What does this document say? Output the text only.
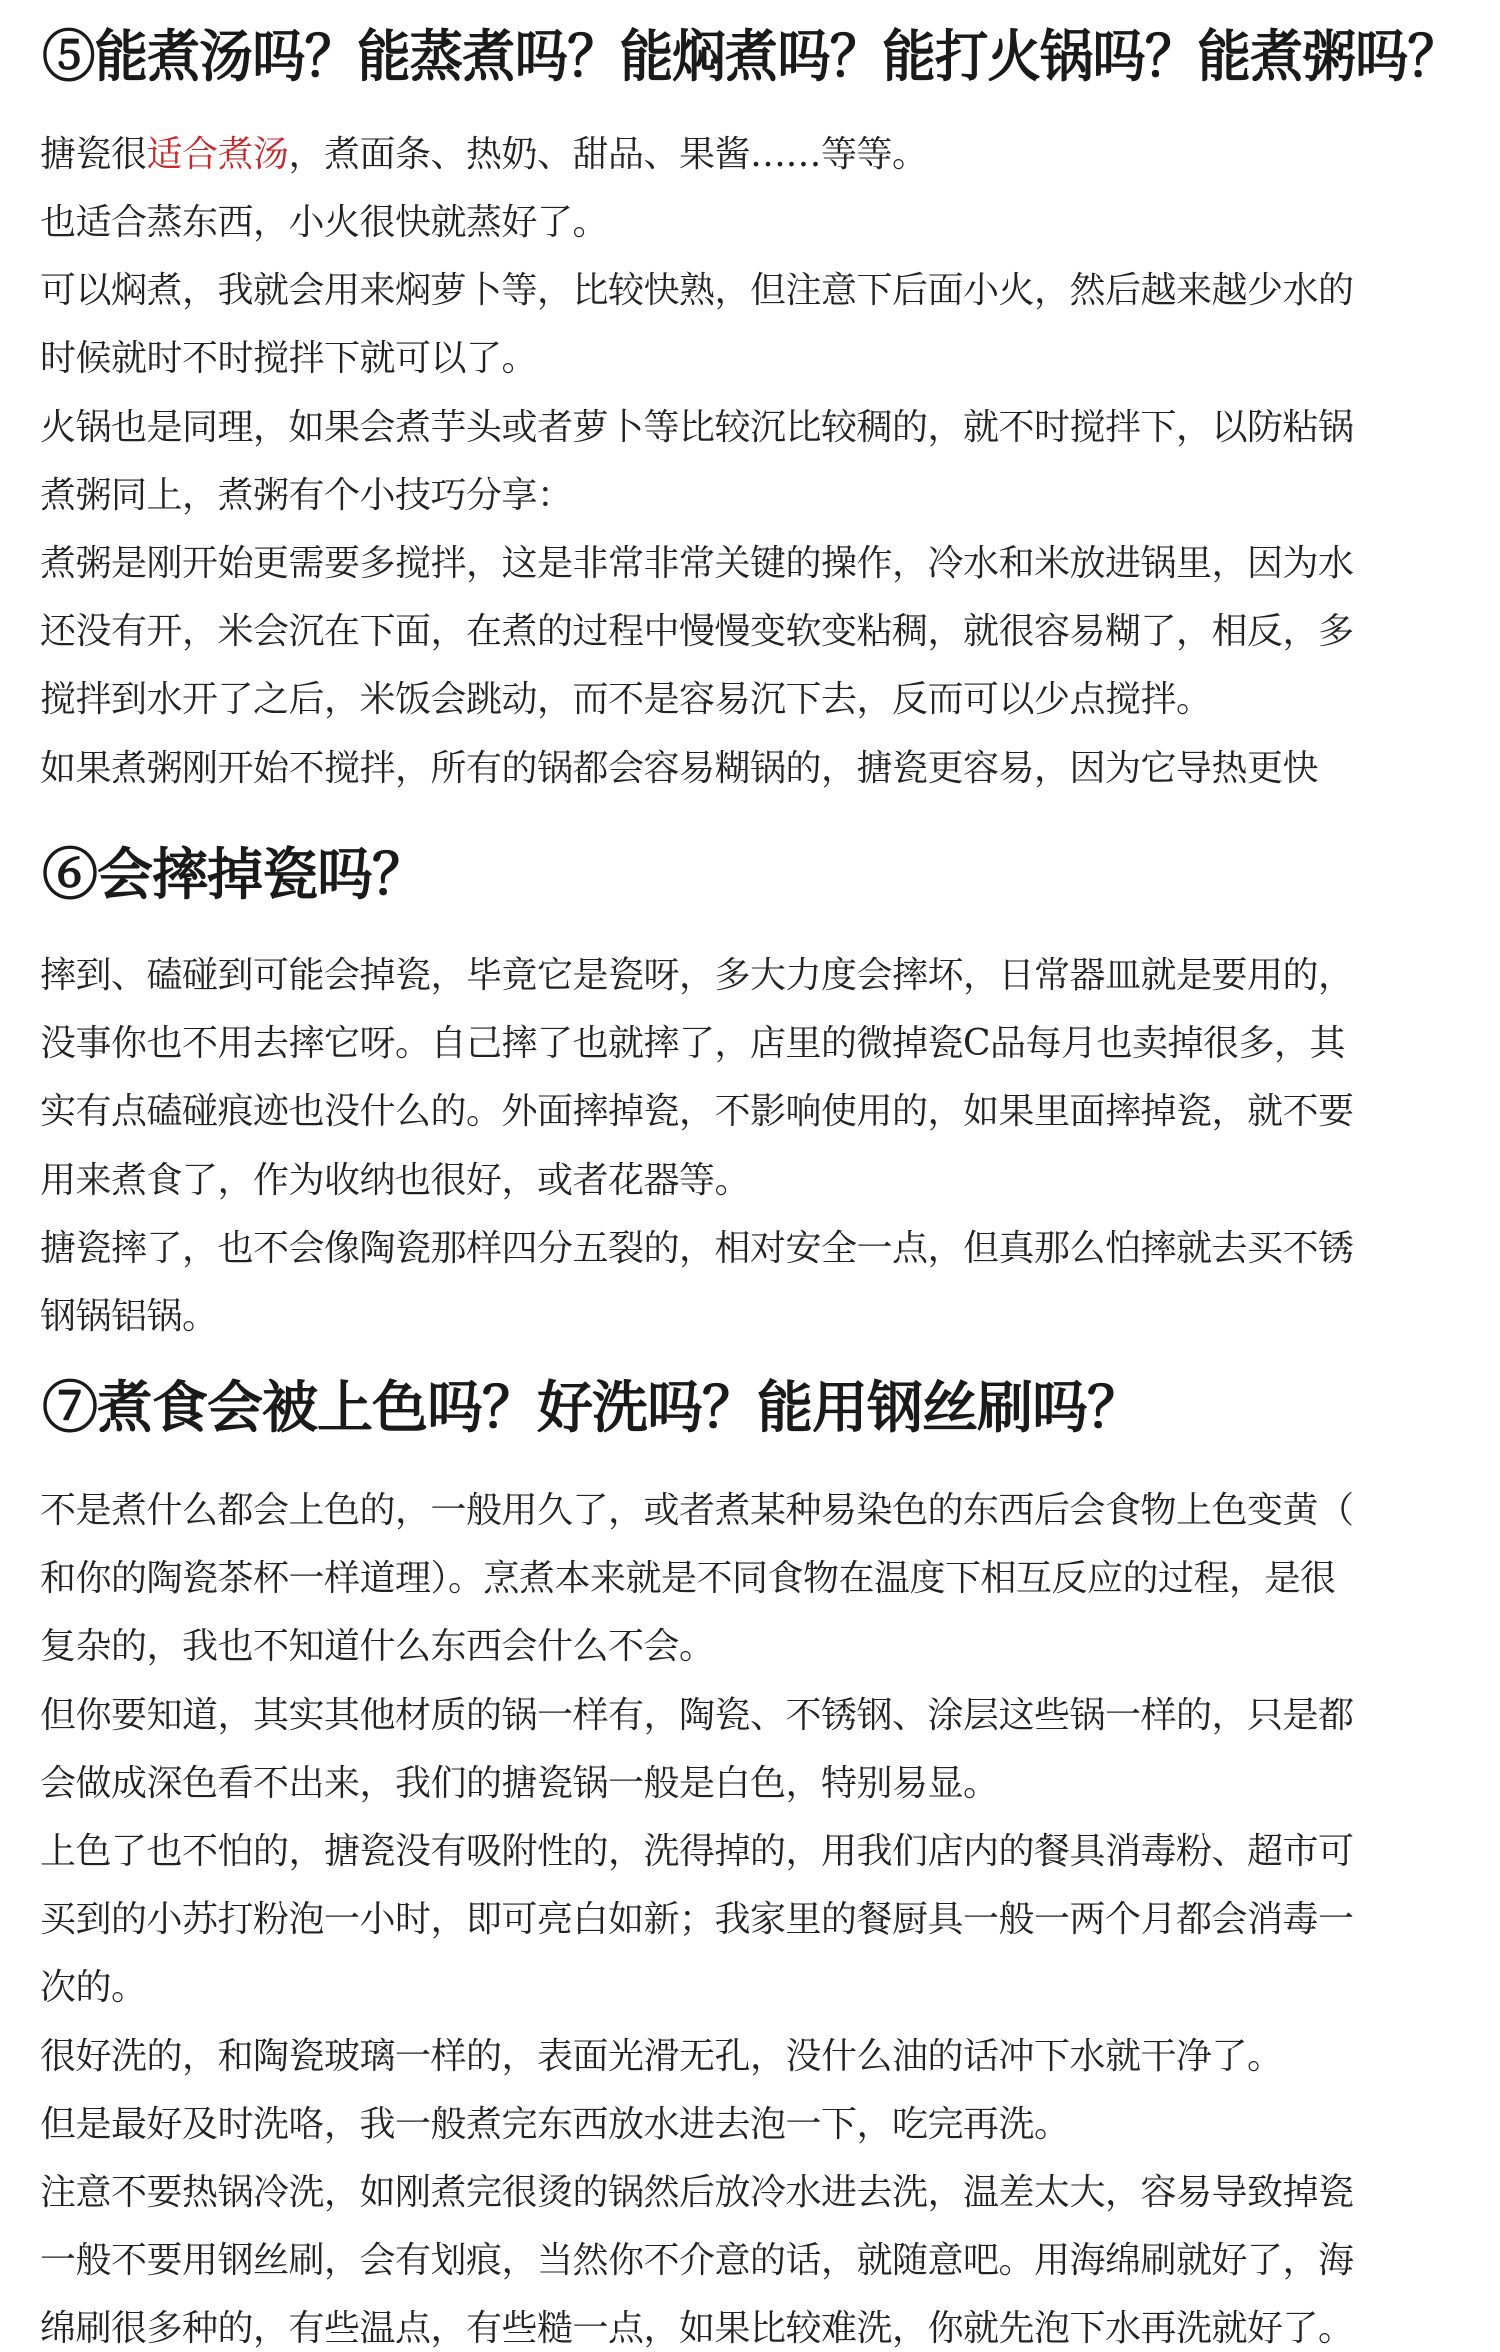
⑤能煮汤吗？能蒸煮吗？能焖煮吗？能打火锅吗？能煮粥吗？
搪瓷很适合煮汤，煮面条、热奶、甜品、果酱……等等。
也适合蒸东西，小火很快就蒸好了。
可以焖煮，我就会用来焖萝卜等，比较快熟，但注意下后面小火，然后越来越少水的
时候就时不时搅拌下就可以了。
火锅也是同理，如果会煮芋头或者萝卜等比较沉比较稠的，就不时搅拌下，以防粘锅
煮粥同上，煮粥有个小技巧分享：
煮粥是刚开始更需要多搅拌，这是非常非常关键的操作，冷水和米放进锅里，因为水
还没有开，米会沉在下面，在煮的过程中慢慢变软变粘稠，就很容易糊了，相反，多
搅拌到水开了之后，米饭会跳动，而不是容易沉下去，反而可以少点搅拌。
如果煮粥刚开始不搅拌，所有的锅都会容易糊锅的，搪瓷更容易，因为它导热更快
⑥会摔掉瓷吗？
摔到、磕碰到可能会掉瓷，毕竟它是瓷呀，多大力度会摔坏，日常器皿就是要用的，
没事你也不用去摔它呀。自己摔了也就摔了，店里的微掉瓷C品每月也卖掉很多，其
实有点磕碰痕迹也没什么的。外面摔掉瓷，不影响使用的，如果里面摔掉瓷，就不要
用来煮食了，作为收纳也很好，或者花器等。
搪瓷摔了，也不会像陶瓷那样四分五裂的，相对安全一点，但真那么怕摔就去买不锈
钢锅铝锅。
⑦煮食会被上色吗？好洗吗？能用钢丝刷吗？
不是煮什么都会上色的，一般用久了，或者煮某种易染色的东西后会食物上色变黄（
和你的陶瓷茶杯一样道理）。烹煮本来就是不同食物在温度下相互反应的过程，是很
复杂的，我也不知道什么东西会什么不会。
但你要知道，其实其他材质的锅一样有，陶瓷、不锈钢、涂层这些锅一样的，只是都
会做成深色看不出来，我们的搪瓷锅一般是白色，特别易显。
上色了也不怕的，搪瓷没有吸附性的，洗得掉的，用我们店内的餐具消毒粉、超市可
买到的小苏打粉泡一小时，即可亮白如新；我家里的餐厨具一般一两个月都会消毒一
次的。
很好洗的，和陶瓷玻璃一样的，表面光滑无孔，没什么油的话冲下水就干净了。
但是最好及时洗咯，我一般煮完东西放水进去泡一下，吃完再洗。
注意不要热锅冷洗，如刚煮完很烫的锅然后放冷水进去洗，温差太大，容易导致掉瓷
一般不要用钢丝刷，会有划痕，当然你不介意的话，就随意吧。用海绵刷就好了，海
绵刷很多种的，有些温点，有些糙一点，如果比较难洗，你就先泡下水再洗就好了。
